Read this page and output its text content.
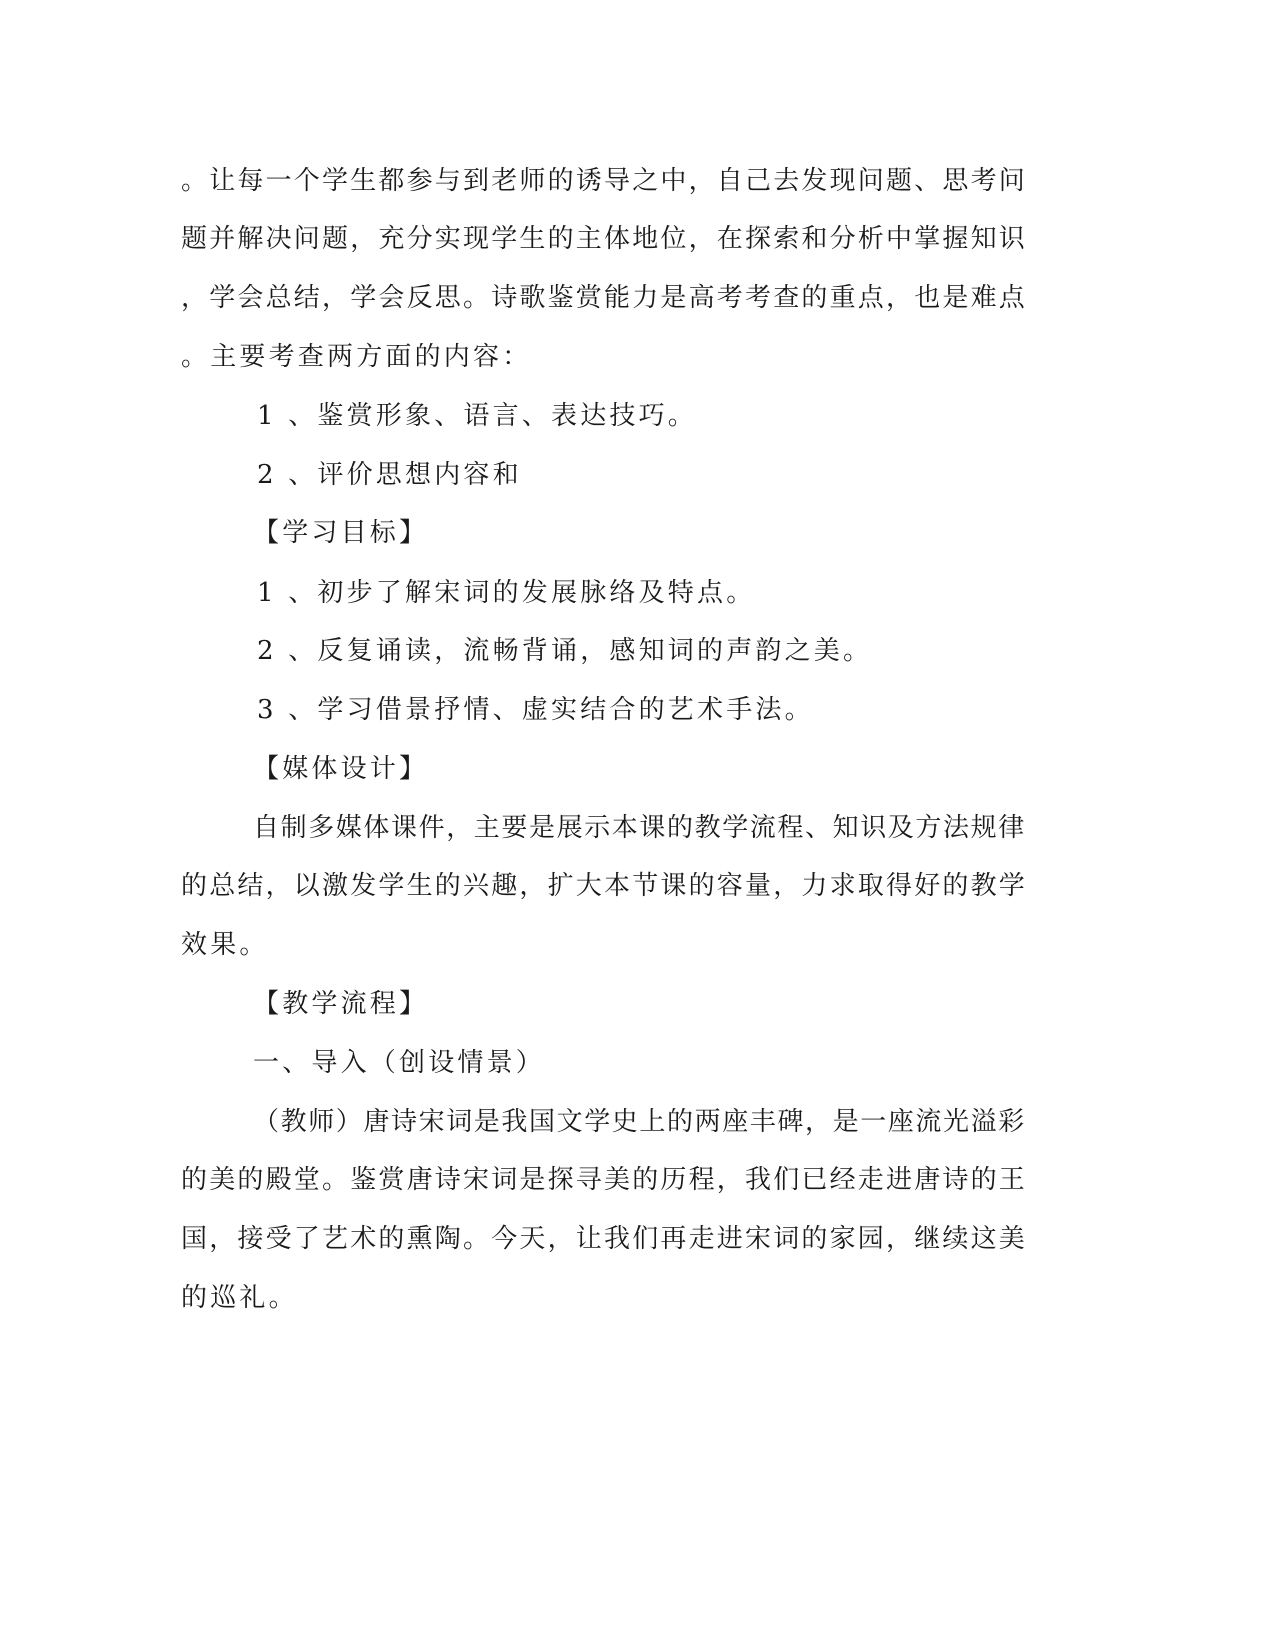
。让每一个学生都参与到老师的诱导之中，自己去发现问题、思考问
题并解决问题，充分实现学生的主体地位，在探索和分析中掌握知识
，学会总结，学会反思。诗歌鉴赏能力是高考考查的重点，也是难点
。主要考查两方面的内容：
1 、鉴赏形象、语言、表达技巧。
2 、评价思想内容和
【学习目标】
1 、初步了解宋词的发展脉络及特点。
2 、反复诵读，流畅背诵，感知词的声韵之美。
3 、学习借景抒情、虚实结合的艺术手法。
【媒体设计】
自制多媒体课件，主要是展示本课的教学流程、知识及方法规律
的总结，以激发学生的兴趣，扩大本节课的容量，力求取得好的教学
效果。
【教学流程】
一、导入（创设情景）
（教师）唐诗宋词是我国文学史上的两座丰碑，是一座流光溢彩
的美的殿堂。鉴赏唐诗宋词是探寻美的历程，我们已经走进唐诗的王
国，接受了艺术的熏陶。今天，让我们再走进宋词的家园，继续这美
的巡礼。
